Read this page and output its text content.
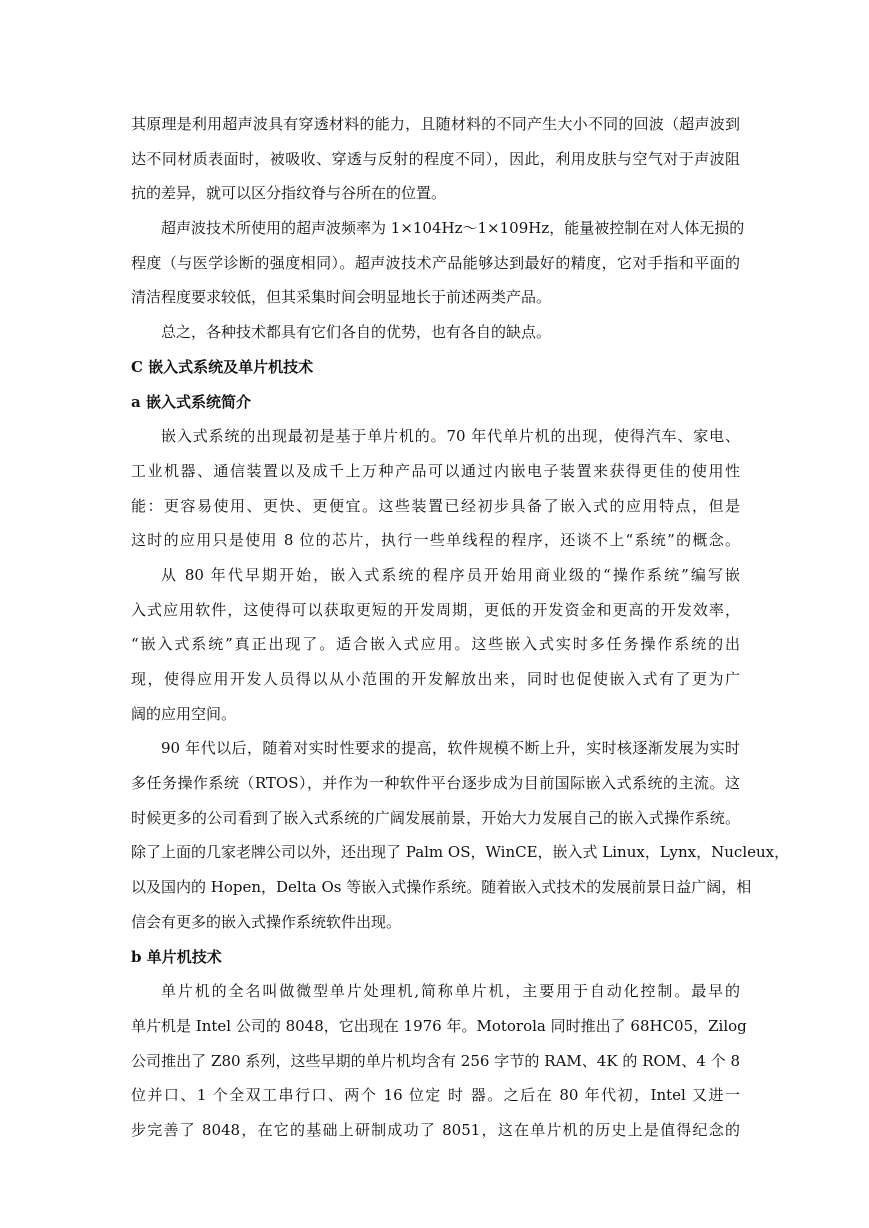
其原理是利用超声波具有穿透材料的能力，且随材料的不同产生大小不同的回波（超声波到
达不同材质表面时，被吸收、穿透与反射的程度不同），因此，利用皮肤与空气对于声波阻
抗的差异，就可以区分指纹脊与谷所在的位置。
超声波技术所使用的超声波频率为 1×104Hz～1×109Hz，能量被控制在对人体无损的
程度（与医学诊断的强度相同）。超声波技术产品能够达到最好的精度，它对手指和平面的
清洁程度要求较低，但其采集时间会明显地长于前述两类产品。
总之，各种技术都具有它们各自的优势，也有各自的缺点。
C 嵌入式系统及单片机技术
a 嵌入式系统简介
嵌入式系统的出现最初是基于单片机的。70 年代单片机的出现，使得汽车、家电、
工业机器、通信装置以及成千上万种产品可以通过内嵌电子装置来获得更佳的使用性
能：更容易使用、更快、更便宜。这些装置已经初步具备了嵌入式的应用特点，但是
这时的应用只是使用 8 位的芯片，执行一些单线程的程序，还谈不上“系统”的概念。
从 80 年代早期开始，嵌入式系统的程序员开始用商业级的“操作系统”编写嵌
入式应用软件，这使得可以获取更短的开发周期，更低的开发资金和更高的开发效率，
“嵌入式系统”真正出现了。适合嵌入式应用。这些嵌入式实时多任务操作系统的出
现，使得应用开发人员得以从小范围的开发解放出来，同时也促使嵌入式有了更为广
阔的应用空间。
90 年代以后，随着对实时性要求的提高，软件规模不断上升，实时核逐渐发展为实时
多任务操作系统（RTOS），并作为一种软件平台逐步成为目前国际嵌入式系统的主流。这
时候更多的公司看到了嵌入式系统的广阔发展前景，开始大力发展自己的嵌入式操作系统。
除了上面的几家老牌公司以外，还出现了 Palm OS，WinCE，嵌入式 Linux，Lynx，Nucleux，
以及国内的 Hopen，Delta Os 等嵌入式操作系统。随着嵌入式技术的发展前景日益广阔，相
信会有更多的嵌入式操作系统软件出现。
b 单片机技术
单片机的全名叫做微型单片处理机,简称单片机，主要用于自动化控制。最早的
单片机是 Intel 公司的 8048，它出现在 1976 年。Motorola 同时推出了 68HC05，Zilog
公司推出了 Z80 系列，这些早期的单片机均含有 256 字节的 RAM、4K 的 ROM、4 个 8
位并口、1 个全双工串行口、两个 16 位定 时 器。之后在 80 年代初，Intel 又进一
步完善了 8048，在它的基础上研制成功了 8051，这在单片机的历史上是值得纪念的
